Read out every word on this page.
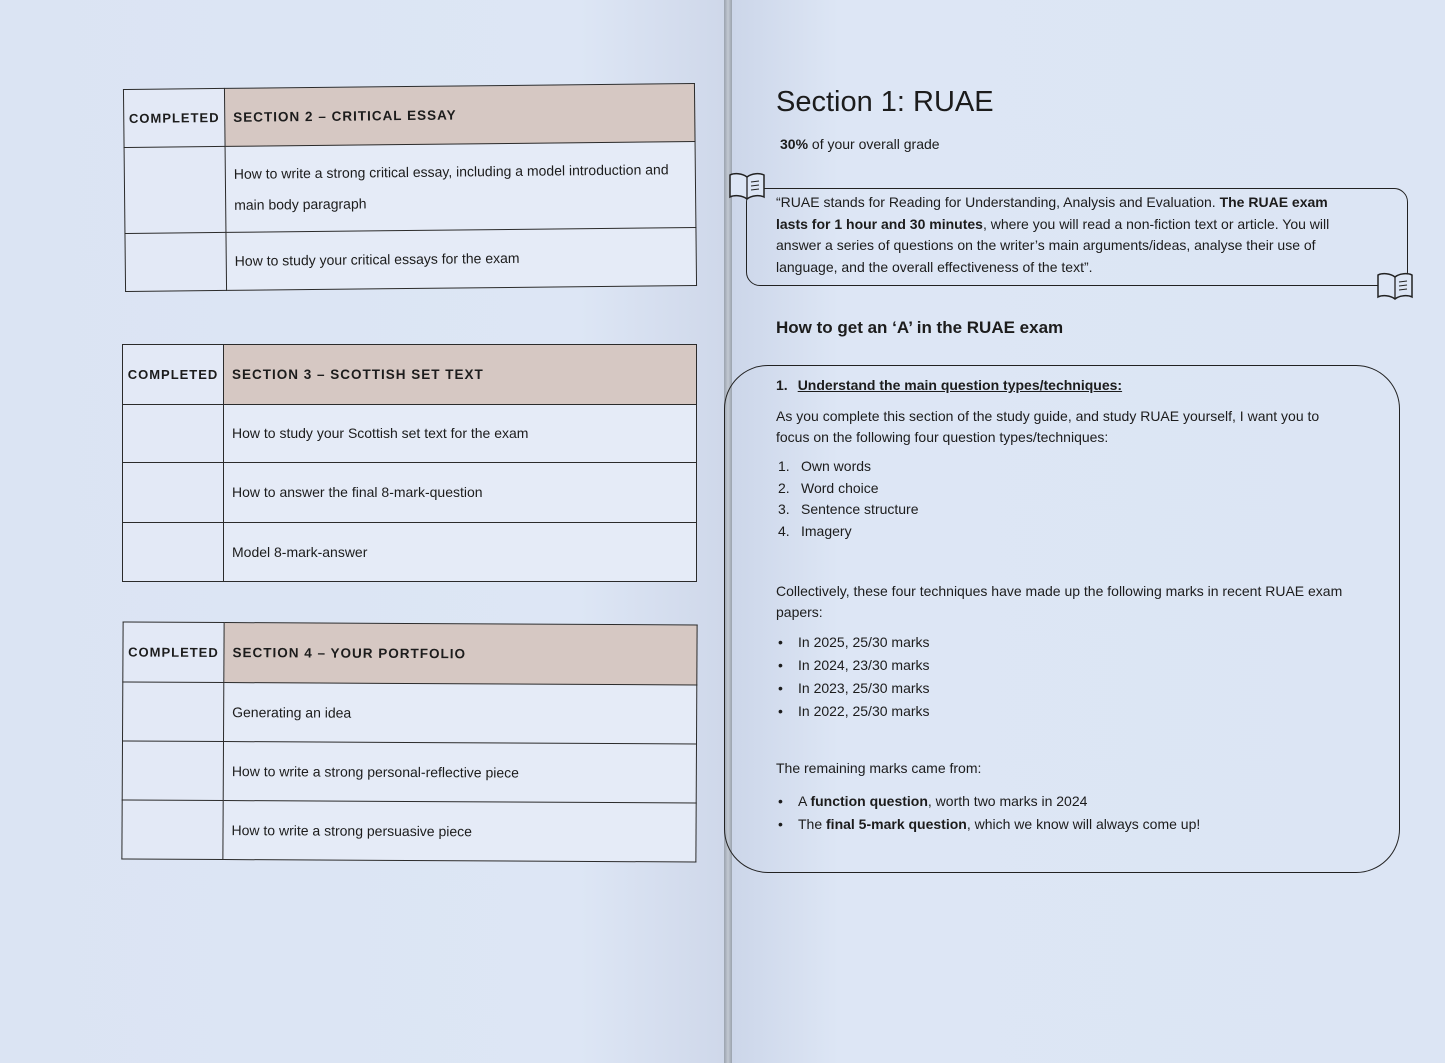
COMPLETED	SECTION 2 – CRITICAL ESSAY
	How to write a strong critical essay, including a model introduction and main body paragraph
	How to study your critical essays for the exam
COMPLETED	SECTION 3 – SCOTTISH SET TEXT
	How to study your Scottish set text for the exam
	How to answer the final 8-mark-question
	Model 8-mark-answer
COMPLETED	SECTION 4 – YOUR PORTFOLIO
	Generating an idea
	How to write a strong personal-reflective piece
	How to write a strong persuasive piece
Section 1: RUAE
30% of your overall grade
“RUAE stands for Reading for Understanding, Analysis and Evaluation. The RUAE exam lasts for 1 hour and 30 minutes, where you will read a non-fiction text or article. You will answer a series of questions on the writer’s main arguments/ideas, analyse their use of language, and the overall effectiveness of the text”.
How to get an ‘A’ in the RUAE exam
1. Understand the main question types/techniques:
As you complete this section of the study guide, and study RUAE yourself, I want you to focus on the following four question types/techniques:
1. Own words
2. Word choice
3. Sentence structure
4. Imagery
Collectively, these four techniques have made up the following marks in recent RUAE exam papers:
• In 2025, 25/30 marks
• In 2024, 23/30 marks
• In 2023, 25/30 marks
• In 2022, 25/30 marks
The remaining marks came from:
• A function question, worth two marks in 2024
• The final 5-mark question, which we know will always come up!
